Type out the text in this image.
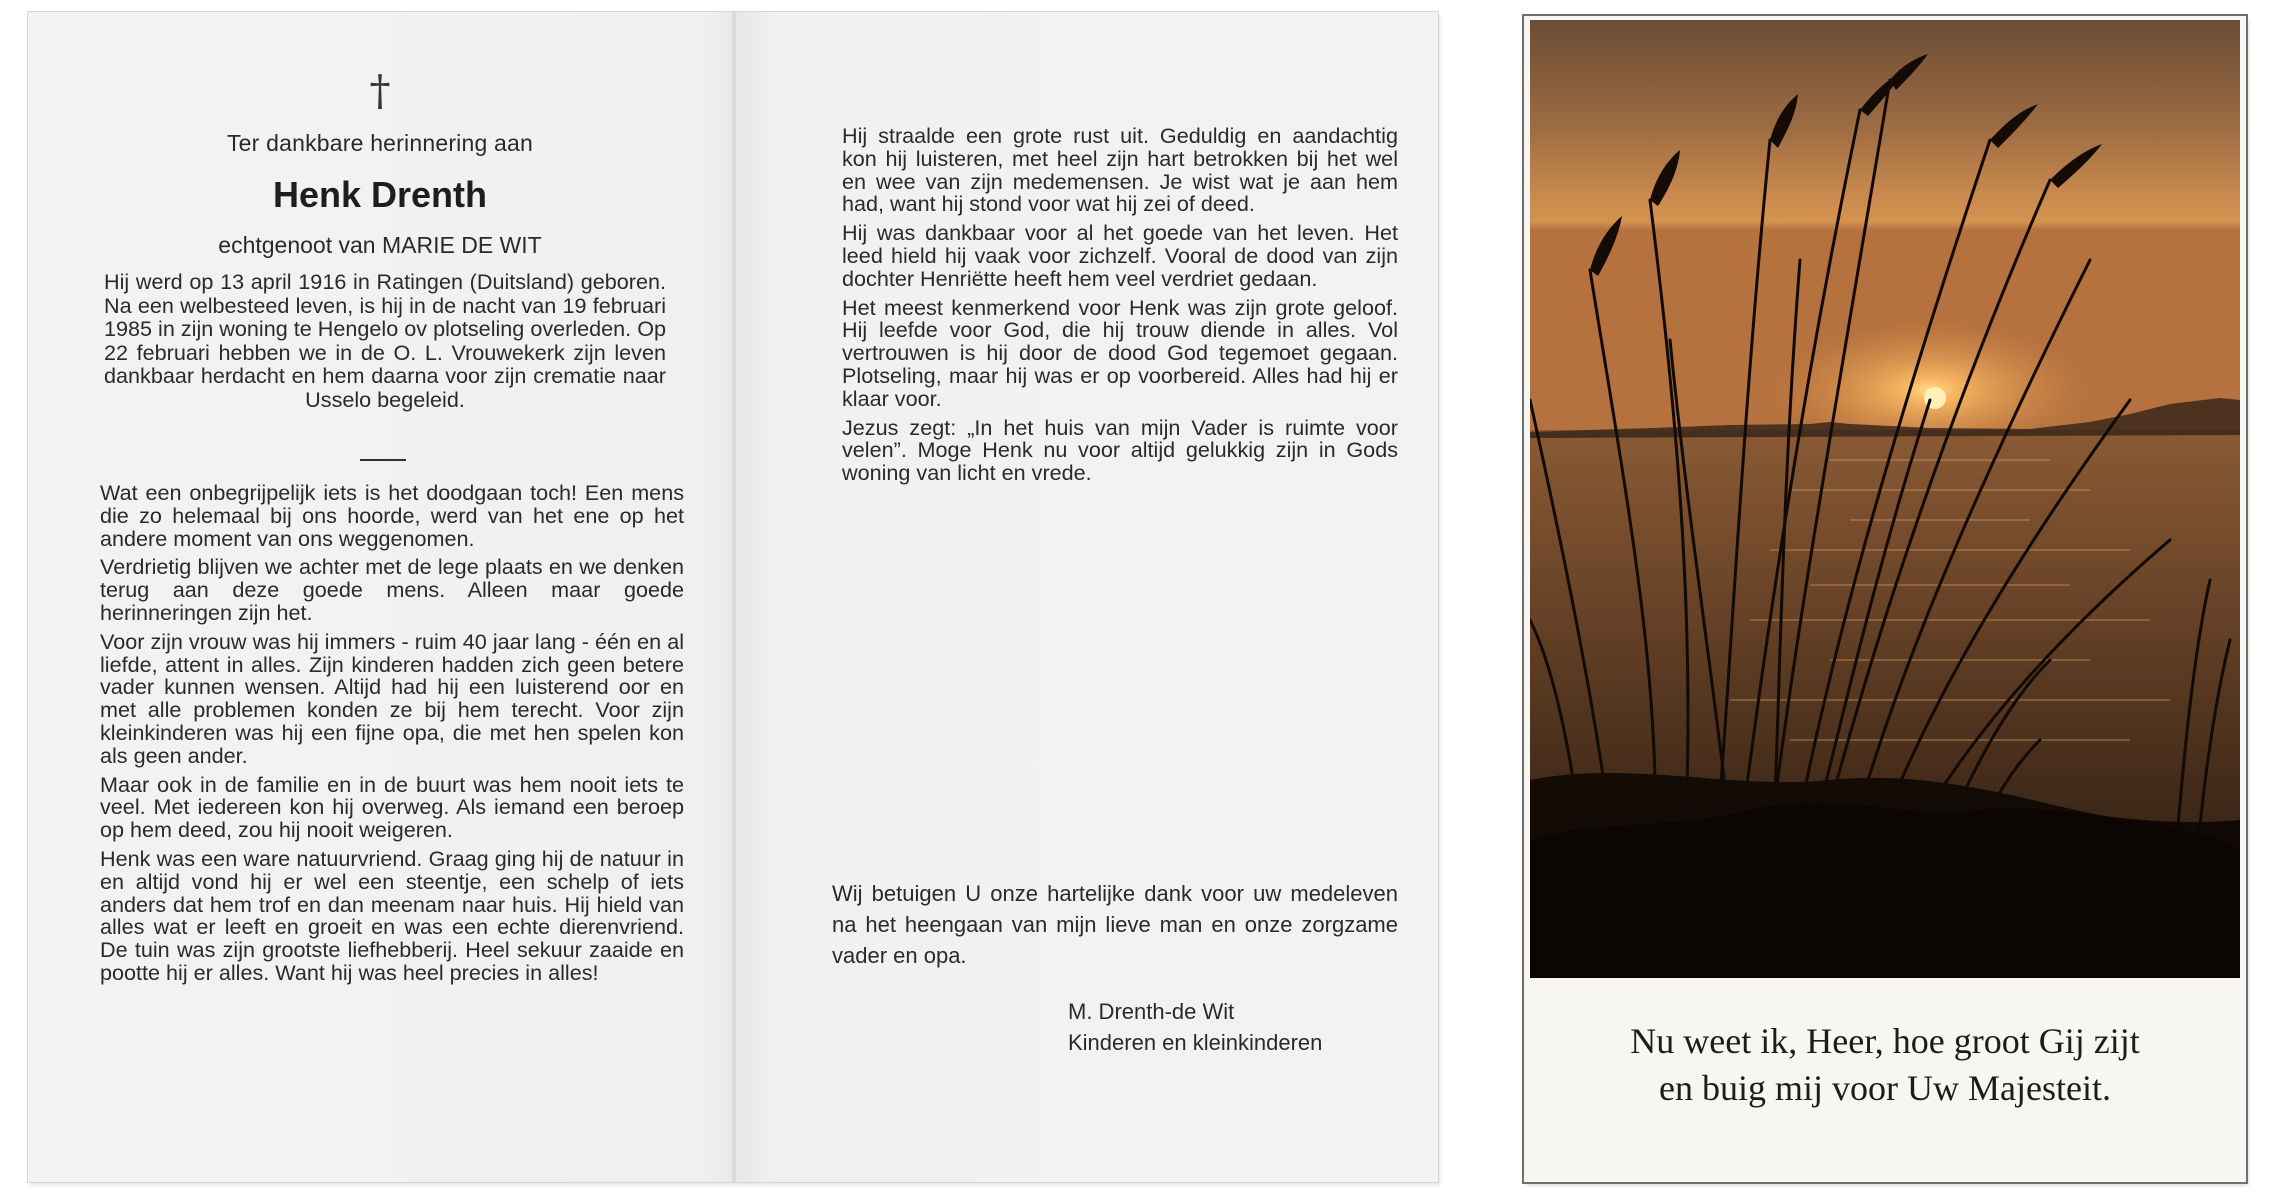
†
Ter dankbare herinnering aan
Henk Drenth
echtgenoot van MARIE DE WIT
Hij werd op 13 april 1916 in Ratingen (Duitsland) geboren. Na een welbesteed leven, is hij in de nacht van 19 februari 1985 in zijn woning te Hengelo ov plotseling overleden. Op 22 februari hebben we in de O. L. Vrouwekerk zijn leven dankbaar herdacht en hem daarna voor zijn crematie naar Usselo begeleid.

Wat een onbegrijpelijk iets is het doodgaan toch! Een mens die zo helemaal bij ons hoorde, werd van het ene op het andere moment van ons weggenomen.

Verdrietig blijven we achter met de lege plaats en we denken terug aan deze goede mens. Alleen maar goede herinneringen zijn het.

Voor zijn vrouw was hij immers - ruim 40 jaar lang - één en al liefde, attent in alles. Zijn kinderen hadden zich geen betere vader kunnen wensen. Altijd had hij een luisterend oor en met alle problemen konden ze bij hem terecht. Voor zijn kleinkinderen was hij een fijne opa, die met hen spelen kon als geen ander.

Maar ook in de familie en in de buurt was hem nooit iets te veel. Met iedereen kon hij overweg. Als iemand een beroep op hem deed, zou hij nooit weigeren.

Henk was een ware natuurvriend. Graag ging hij de natuur in en altijd vond hij er wel een steentje, een schelp of iets anders dat hem trof en dan meenam naar huis. Hij hield van alles wat er leeft en groeit en was een echte dierenvriend. De tuin was zijn grootste liefhebberij. Heel sekuur zaaide en pootte hij er alles. Want hij was heel precies in alles!

Hij straalde een grote rust uit. Geduldig en aandachtig kon hij luisteren, met heel zijn hart betrokken bij het wel en wee van zijn medemensen. Je wist wat je aan hem had, want hij stond voor wat hij zei of deed.

Hij was dankbaar voor al het goede van het leven. Het leed hield hij vaak voor zichzelf. Vooral de dood van zijn dochter Henriëtte heeft hem veel verdriet gedaan.

Het meest kenmerkend voor Henk was zijn grote geloof. Hij leefde voor God, die hij trouw diende in alles. Vol vertrouwen is hij door de dood God tegemoet gegaan. Plotseling, maar hij was er op voorbereid. Alles had hij er klaar voor.

Jezus zegt: „In het huis van mijn Vader is ruimte voor velen”. Moge Henk nu voor altijd gelukkig zijn in Gods woning van licht en vrede.

Wij betuigen U onze hartelijke dank voor uw medeleven na het heengaan van mijn lieve man en onze zorgzame vader en opa.
M. Drenth-de Wit
Kinderen en kleinkinderen	Nu weet ik, Heer, hoe groot Gij zijt
en buig mij voor Uw Majesteit.
